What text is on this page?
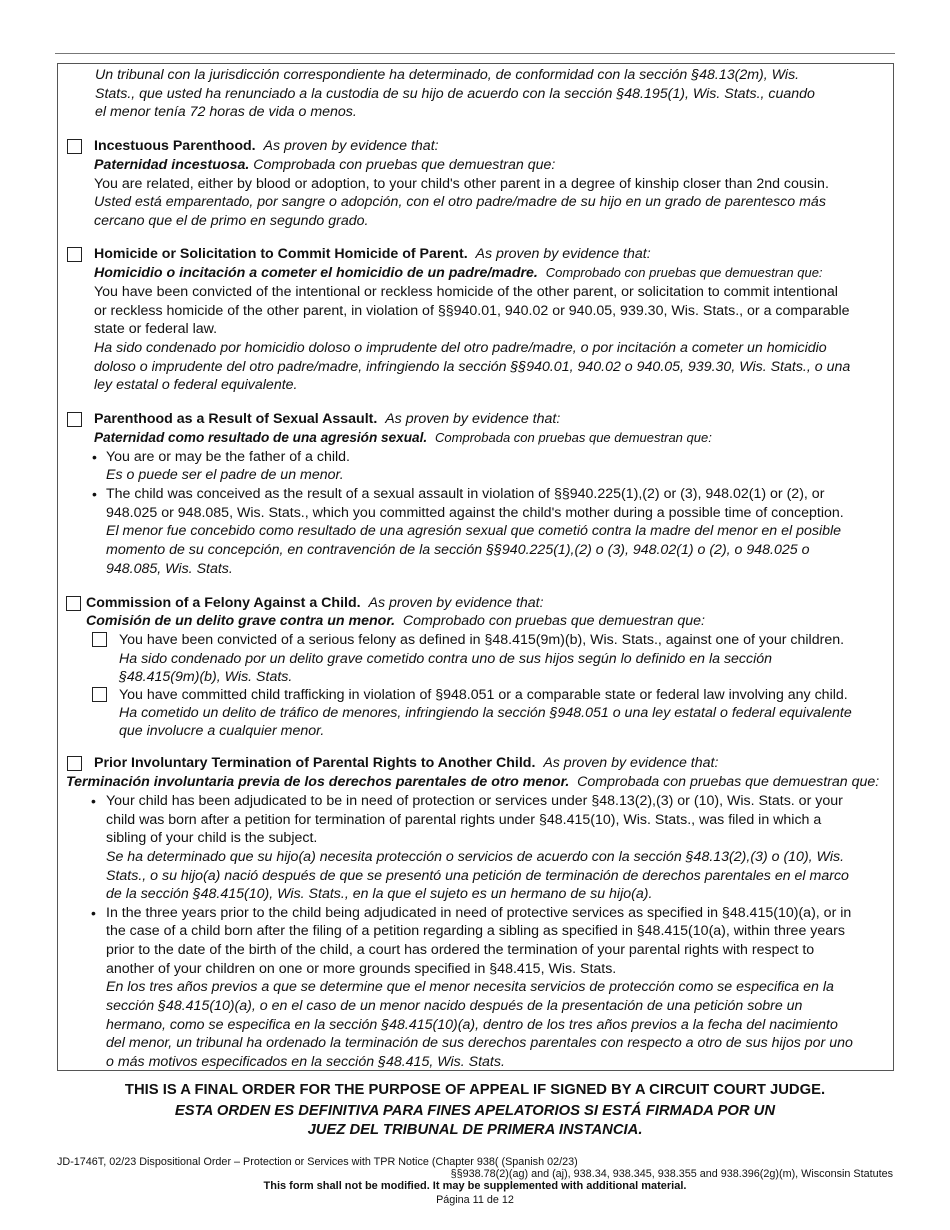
Un tribunal con la jurisdicción correspondiente ha determinado, de conformidad con la sección §48.13(2m), Wis.
Stats., que usted ha renunciado a la custodia de su hijo de acuerdo con la sección §48.195(1), Wis. Stats., cuando
el menor tenía 72 horas de vida o menos.
Incestuous Parenthood. As proven by evidence that:
Paternidad incestuosa. Comprobada con pruebas que demuestran que:
You are related, either by blood or adoption, to your child's other parent in a degree of kinship closer than 2nd cousin.
Usted está emparentado, por sangre o adopción, con el otro padre/madre de su hijo en un grado de parentesco más
cercano que el de primo en segundo grado.
Homicide or Solicitation to Commit Homicide of Parent. As proven by evidence that:
Homicidio o incitación a cometer el homicidio de un padre/madre. Comprobado con pruebas que demuestran que:
You have been convicted of the intentional or reckless homicide of the other parent, or solicitation to commit intentional
or reckless homicide of the other parent, in violation of §§940.01, 940.02 or 940.05, 939.30, Wis. Stats., or a comparable
state or federal law.
Ha sido condenado por homicidio doloso o imprudente del otro padre/madre, o por incitación a cometer un homicidio
doloso o imprudente del otro padre/madre, infringiendo la sección §§940.01, 940.02 o 940.05, 939.30, Wis. Stats., o una
ley estatal o federal equivalente.
Parenthood as a Result of Sexual Assault. As proven by evidence that:
Paternidad como resultado de una agresión sexual. Comprobada con pruebas que demuestran que:
• You are or may be the father of a child.
Es o puede ser el padre de un menor.
• The child was conceived as the result of a sexual assault in violation of §§940.225(1),(2) or (3), 948.02(1) or (2), or
948.025 or 948.085, Wis. Stats., which you committed against the child's mother during a possible time of conception.
El menor fue concebido como resultado de una agresión sexual que cometió contra la madre del menor en el posible
momento de su concepción, en contravención de la sección §§940.225(1),(2) o (3), 948.02(1) o (2), o 948.025 o
948.085, Wis. Stats.
Commission of a Felony Against a Child. As proven by evidence that:
Comisión de un delito grave contra un menor. Comprobado con pruebas que demuestran que:
You have been convicted of a serious felony as defined in §48.415(9m)(b), Wis. Stats., against one of your children.
Ha sido condenado por un delito grave cometido contra uno de sus hijos según lo definido en la sección
§48.415(9m)(b), Wis. Stats.
You have committed child trafficking in violation of §948.051 or a comparable state or federal law involving any child.
Ha cometido un delito de tráfico de menores, infringiendo la sección §948.051 o una ley estatal o federal equivalente
que involucre a cualquier menor.
Prior Involuntary Termination of Parental Rights to Another Child. As proven by evidence that:
Terminación involuntaria previa de los derechos parentales de otro menor. Comprobada con pruebas que demuestran que:
• Your child has been adjudicated to be in need of protection or services under §48.13(2),(3) or (10), Wis. Stats. or your
child was born after a petition for termination of parental rights under §48.415(10), Wis. Stats., was filed in which a
sibling of your child is the subject.
Se ha determinado que su hijo(a) necesita protección o servicios de acuerdo con la sección §48.13(2),(3) o (10), Wis.
Stats., o su hijo(a) nació después de que se presentó una petición de terminación de derechos parentales en el marco
de la sección §48.415(10), Wis. Stats., en la que el sujeto es un hermano de su hijo(a).
• In the three years prior to the child being adjudicated in need of protective services as specified in §48.415(10)(a), or in
the case of a child born after the filing of a petition regarding a sibling as specified in §48.415(10(a), within three years
prior to the date of the birth of the child, a court has ordered the termination of your parental rights with respect to
another of your children on one or more grounds specified in §48.415, Wis. Stats.
En los tres años previos a que se determine que el menor necesita servicios de protección como se especifica en la
sección §48.415(10)(a), o en el caso de un menor nacido después de la presentación de una petición sobre un
hermano, como se especifica en la sección §48.415(10)(a), dentro de los tres años previos a la fecha del nacimiento
del menor, un tribunal ha ordenado la terminación de sus derechos parentales con respecto a otro de sus hijos por uno
o más motivos especificados en la sección §48.415, Wis. Stats.
THIS IS A FINAL ORDER FOR THE PURPOSE OF APPEAL IF SIGNED BY A CIRCUIT COURT JUDGE.
ESTA ORDEN ES DEFINITIVA PARA FINES APELATORIOS SI ESTÁ FIRMADA POR UN
JUEZ DEL TRIBUNAL DE PRIMERA INSTANCIA.
JD-1746T, 02/23 Dispositional Order – Protection or Services with TPR Notice (Chapter 938( (Spanish 02/23)
§§938.78(2)(ag) and (aj), 938.34, 938.345, 938.355 and 938.396(2g)(m), Wisconsin Statutes
This form shall not be modified. It may be supplemented with additional material.
Página 11 de 12
